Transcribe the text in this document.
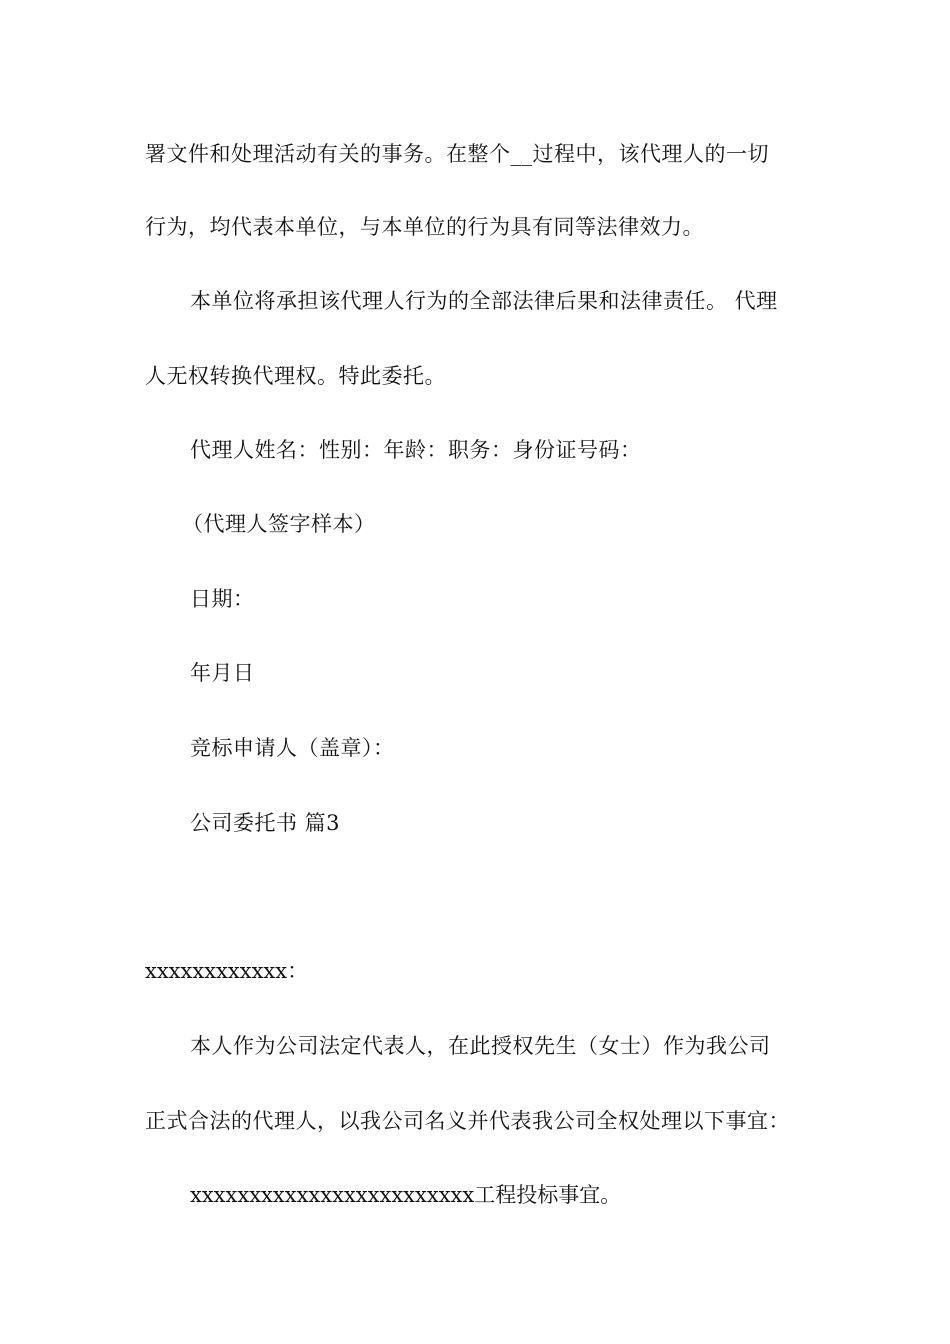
署文件和处理活动有关的事务。在整个__过程中，该代理人的一切
行为，均代表本单位，与本单位的行为具有同等法律效力。
本单位将承担该代理人行为的全部法律后果和法律责任。 代理
人无权转换代理权。特此委托。
代理人姓名：性别：年龄：职务：身份证号码：
（代理人签字样本）
日期：
年月日
竞标申请人（盖章）：
公司委托书 篇3
xxxxxxxxxxxx：
本人作为公司法定代表人，在此授权先生（女士）作为我公司
正式合法的代理人，以我公司名义并代表我公司全权处理以下事宜：
xxxxxxxxxxxxxxxxxxxxxxxx工程投标事宜。
